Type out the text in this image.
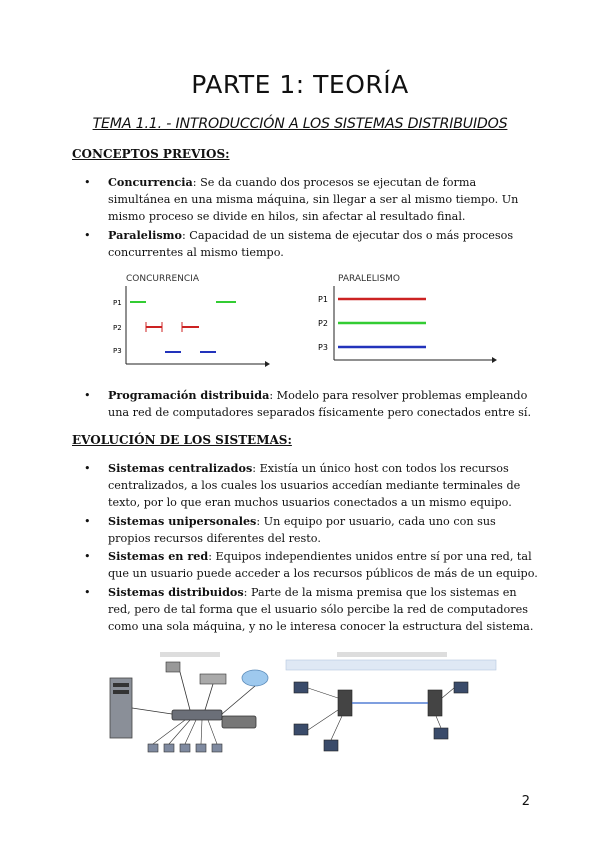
PARTE 1: TEORÍA
TEMA 1.1. - INTRODUCCIÓN A LOS SISTEMAS DISTRIBUIDOS
CONCEPTOS PREVIOS:
• Concurrencia: Se da cuando dos procesos se ejecutan de forma simultánea en una misma máquina, sin llegar a ser al mismo tiempo. Un mismo proceso se divide en hilos, sin afectar al resultado final.
• Paralelismo: Capacidad de un sistema de ejecutar dos o más procesos concurrentes al mismo tiempo.
CONCURRENCIA
P1
P2
P3
PARALELISMO
P1
P2
P3
• Programación distribuida: Modelo para resolver problemas empleando una red de computadores separados físicamente pero conectados entre sí.
EVOLUCIÓN DE LOS SISTEMAS:
• Sistemas centralizados: Existía un único host con todos los recursos centralizados, a los cuales los usuarios accedían mediante terminales de texto, por lo que eran muchos usuarios conectados a un mismo equipo.
• Sistemas unipersonales: Un equipo por usuario, cada uno con sus propios recursos diferentes del resto.
• Sistemas en red: Equipos independientes unidos entre sí por una red, tal que un usuario puede acceder a los recursos públicos de más de un equipo.
• Sistemas distribuidos: Parte de la misma premisa que los sistemas en red, pero de tal forma que el usuario sólo percibe la red de computadores como una sola máquina, y no le interesa conocer la estructura del sistema.
2
